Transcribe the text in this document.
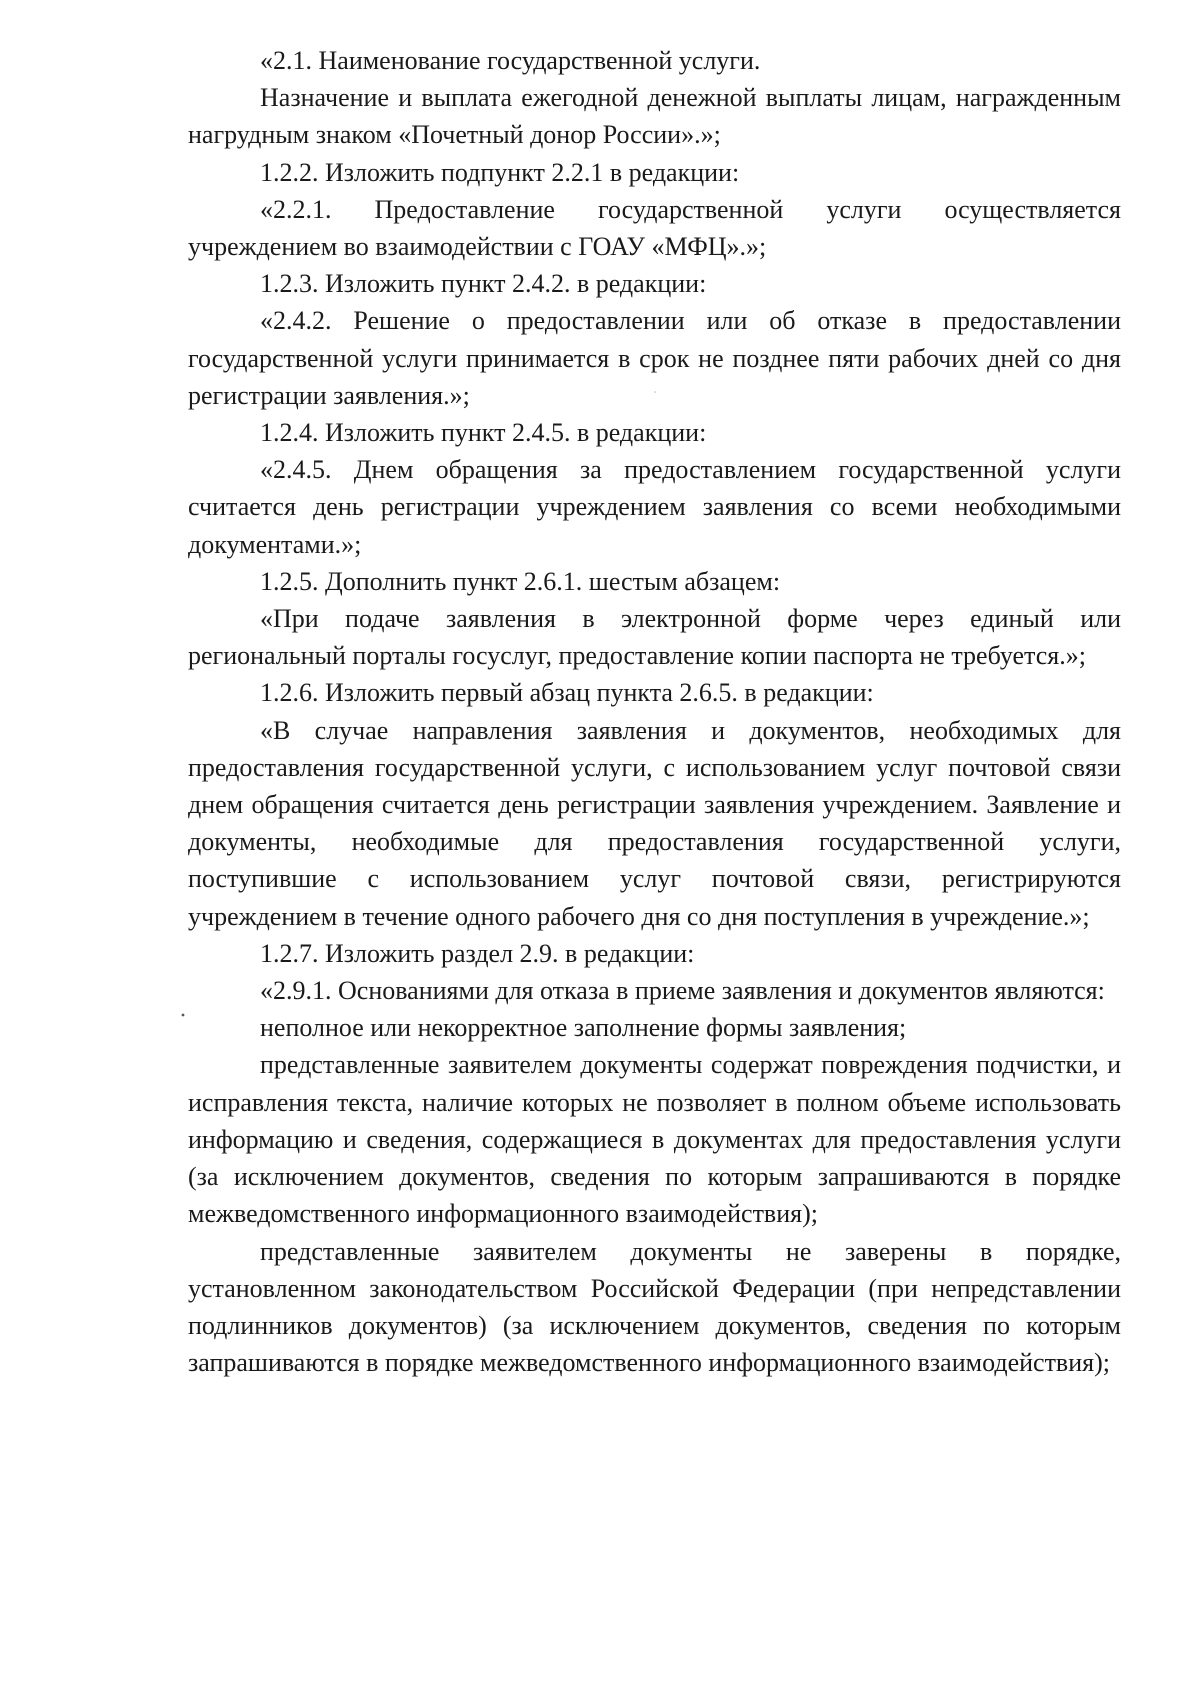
«2.1. Наименование государственной услуги.

Назначение и выплата ежегодной денежной выплаты лицам, награжденным нагрудным знаком «Почетный донор России».»;

1.2.2. Изложить подпункт 2.2.1 в редакции:

«2.2.1. Предоставление государственной услуги осуществляется учреждением во взаимодействии с ГОАУ «МФЦ».»;

1.2.3. Изложить пункт 2.4.2. в редакции:

«2.4.2. Решение о предоставлении или об отказе в предоставлении государственной услуги принимается в срок не позднее пяти рабочих дней со дня регистрации заявления.»;

1.2.4. Изложить пункт 2.4.5. в редакции:

«2.4.5. Днем обращения за предоставлением государственной услуги считается день регистрации учреждением заявления со всеми необходимыми документами.»;

1.2.5. Дополнить пункт 2.6.1. шестым абзацем:

«При подаче заявления в электронной форме через единый или региональный порталы госуслуг, предоставление копии паспорта не требуется.»;

1.2.6. Изложить первый абзац пункта 2.6.5. в редакции:

«В случае направления заявления и документов, необходимых для предоставления государственной услуги, с использованием услуг почтовой связи днем обращения считается день регистрации заявления учреждением. Заявление и документы, необходимые для предоставления государственной услуги, поступившие с использованием услуг почтовой связи, регистрируются учреждением в течение одного рабочего дня со дня поступления в учреждение.»;

1.2.7. Изложить раздел 2.9. в редакции:

«2.9.1. Основаниями для отказа в приеме заявления и документов являются:

неполное или некорректное заполнение формы заявления;

представленные заявителем документы содержат повреждения подчистки, и исправления текста, наличие которых не позволяет в полном объеме использовать информацию и сведения, содержащиеся в документах для предоставления услуги (за исключением документов, сведения по которым запрашиваются в порядке межведомственного информационного взаимодействия);

представленные заявителем документы не заверены в порядке, установленном законодательством Российской Федерации (при непредставлении подлинников документов) (за исключением документов, сведения по которым запрашиваются в порядке межведомственного информационного взаимодействия);
